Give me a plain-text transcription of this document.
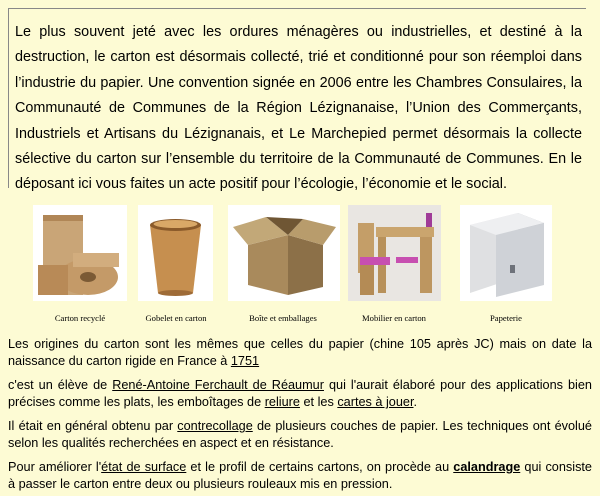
Le plus souvent jeté avec les ordures ménagères ou industrielles, et destiné à la destruction, le carton est désormais collecté, trié et conditionné pour son réemploi dans l’industrie du papier. Une convention signée en 2006 entre les Chambres Consulaires, la Communauté de Communes de la Région Lézignanaise, l’Union des Commerçants, Industriels et Artisans du Lézignanais, et Le Marchepied permet désormais la collecte sélective du carton sur l’ensemble du territoire de la Communauté de Communes. En le déposant ici vous faites un acte positif pour l’écologie, l’économie et le social.
Carton recyclé	Gobelet en carton	Boîte et emballages	Mobilier en carton	Papeterie
Les origines du carton sont les mêmes que celles du papier (chine 105 après JC) mais on date la naissance du carton rigide en France à 1751
c'est un élève de René-Antoine Ferchault de Réaumur qui l'aurait élaboré pour des applications bien précises comme les plats, les emboîtages de reliure et les cartes à jouer.
Il était en général obtenu par contrecollage de plusieurs couches de papier. Les techniques ont évolué selon les qualités recherchées en aspect et en résistance.
Pour améliorer l'état de surface et le profil de certains cartons, on procède au calandrage qui consiste à passer le carton entre deux ou plusieurs rouleaux mis en pression.
